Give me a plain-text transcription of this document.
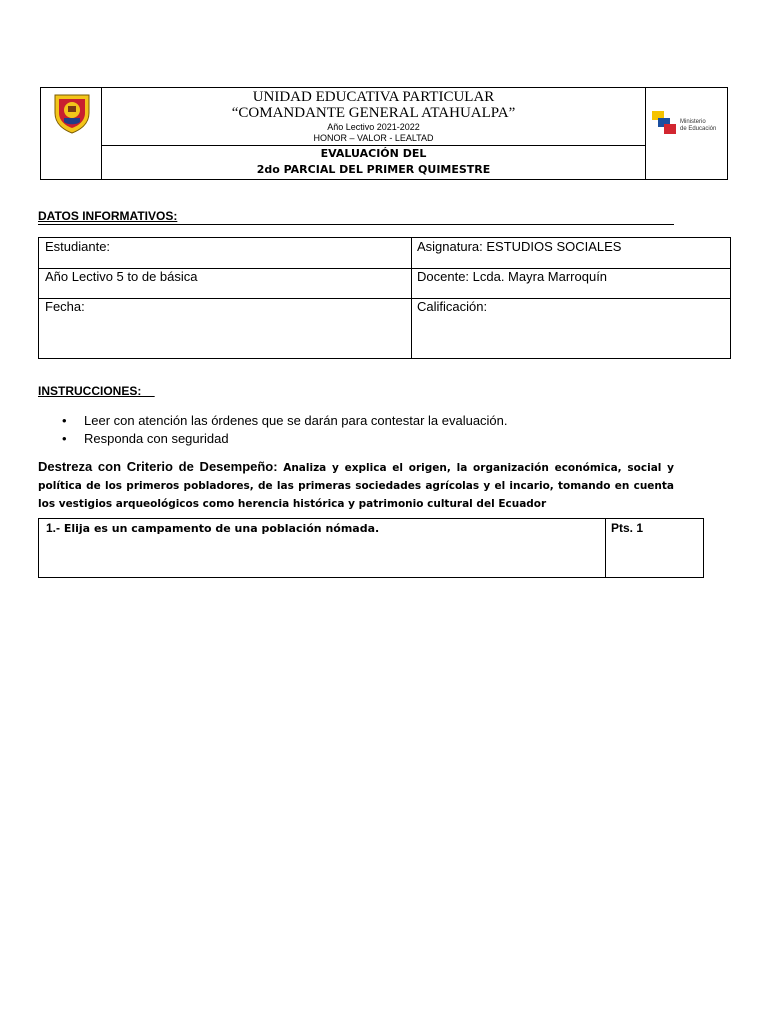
UNIDAD EDUCATIVA PARTICULAR
“COMANDANTE GENERAL ATAHUALPA”
Año Lectivo 2021-2022
HONOR – VALOR - LEALTAD
EVALUACIÓN DEL
2do PARCIAL DEL PRIMER QUIMESTRE
Ministerio
de Educación
DATOS INFORMATIVOS:
Estudiante:	Asignatura: ESTUDIOS SOCIALES
Año Lectivo 5 to de básica	Docente: Lcda. Mayra Marroquín
Fecha:	Calificación:
INSTRUCCIONES:
• Leer con atención las órdenes que se darán para contestar la evaluación.
• Responda con seguridad
Destreza con Criterio de Desempeño: Analiza y explica el origen, la organización económica, social y política de los primeros pobladores, de las primeras sociedades agrícolas y el incario, tomando en cuenta los vestigios arqueológicos como herencia histórica y patrimonio cultural del Ecuador
1.- Elija es un campamento de una población nómada.	Pts. 1
